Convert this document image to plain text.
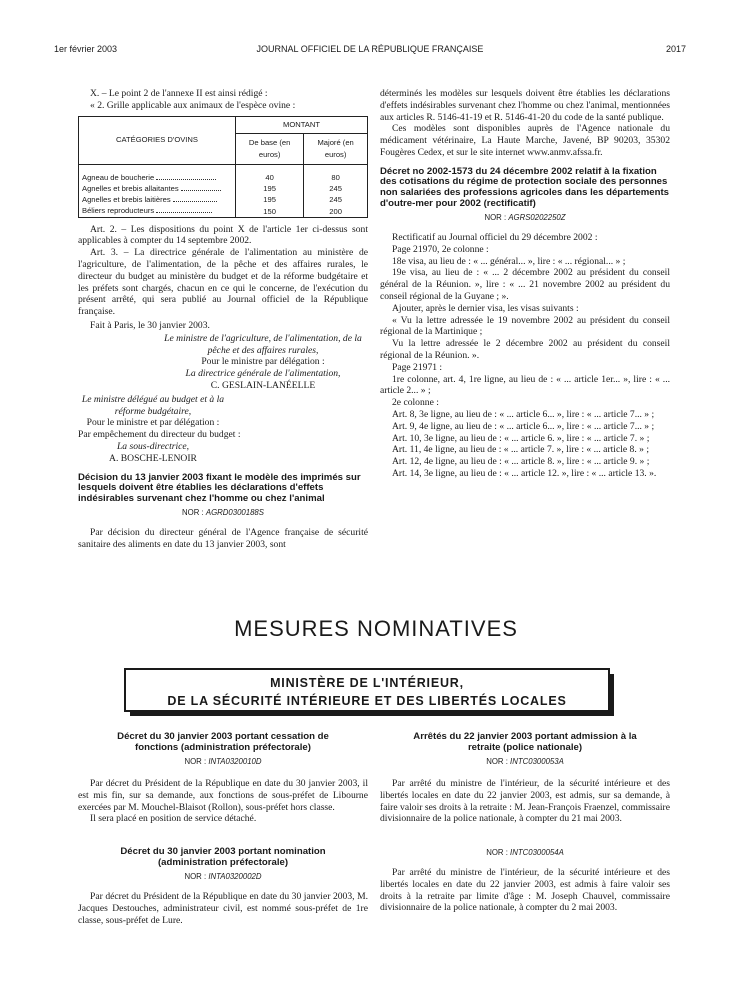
1er février 2003	JOURNAL OFFICIEL DE LA RÉPUBLIQUE FRANÇAISE	2017

X. – Le point 2 de l'annexe II est ainsi rédigé :

« 2. Grille applicable aux animaux de l'espèce ovine :

CATÉGORIES D'OVINS	MONTANT	
	De base (en euros)	Majoré (en euros)
Agneau de boucherie	40	80
Agnelles et brebis allaitantes	195	245
Agnelles et brebis laitières	195	245
Béliers reproducteurs	150	200

Art. 2. – Les dispositions du point X de l'article 1er ci-dessus sont applicables à compter du 14 septembre 2002.

Art. 3. – La directrice générale de l'alimentation au ministère de l'agriculture, de l'alimentation, de la pêche et des affaires rurales, le directeur du budget au ministère du budget et de la réforme budgétaire et les préfets sont chargés, chacun en ce qui le concerne, de l'exécution du présent arrêté, qui sera publié au Journal officiel de la République française.

Fait à Paris, le 30 janvier 2003.

Le ministre de l'agriculture, de l'alimentation, de la pêche et des affaires rurales,

Pour le ministre par délégation :

La directrice générale de l'alimentation,

C. GESLAIN-LANÉELLE

Le ministre délégué au budget et à la réforme budgétaire,

Pour le ministre et par délégation :

Par empêchement du directeur du budget :

La sous-directrice,

A. BOSCHE-LENOIR

Décision du 13 janvier 2003 fixant le modèle des imprimés sur lesquels doivent être établies les déclarations d'effets indésirables survenant chez l'homme ou chez l'animal

NOR : AGRD0300188S

Par décision du directeur général de l'Agence française de sécurité sanitaire des aliments en date du 13 janvier 2003, sont

déterminés les modèles sur lesquels doivent être établies les déclarations d'effets indésirables survenant chez l'homme ou chez l'animal, mentionnées aux articles R. 5146-41-19 et R. 5146-41-20 du code de la santé publique.

Ces modèles sont disponibles auprès de l'Agence nationale du médicament vétérinaire, La Haute Marche, Javené, BP 90203, 35302 Fougères Cedex, et sur le site internet www.anmv.afssa.fr.

Décret no 2002-1573 du 24 décembre 2002 relatif à la fixation des cotisations du régime de protection sociale des personnes non salariées des professions agricoles dans les départements d'outre-mer pour 2002 (rectificatif)

NOR : AGRS0202250Z

Rectificatif au Journal officiel du 29 décembre 2002 :

Page 21970, 2e colonne :

18e visa, au lieu de : « ... général... », lire : « ... régional... » ;

19e visa, au lieu de : « ... 2 décembre 2002 au président du conseil général de la Réunion. », lire : « ... 21 novembre 2002 au président du conseil régional de la Guyane ; ».

Ajouter, après le dernier visa, les visas suivants :

« Vu la lettre adressée le 19 novembre 2002 au président du conseil régional de la Martinique ;

Vu la lettre adressée le 2 décembre 2002 au président du conseil régional de la Réunion. ».

Page 21971 :

1re colonne, art. 4, 1re ligne, au lieu de : « ... article 1er... », lire : « ... article 2... » ;

2e colonne :

Art. 8, 3e ligne, au lieu de : « ... article 6... », lire : « ... article 7... » ;

Art. 9, 4e ligne, au lieu de : « ... article 6... », lire : « ... article 7... » ;

Art. 10, 3e ligne, au lieu de : « ... article 6. », lire : « ... article 7. » ;

Art. 11, 4e ligne, au lieu de : « ... article 7. », lire : « ... article 8. » ;

Art. 12, 4e ligne, au lieu de : « ... article 8. », lire : « ... article 9. » ;

Art. 14, 3e ligne, au lieu de : « ... article 12. », lire : « ... article 13. ».

MESURES NOMINATIVES
MINISTÈRE DE L'INTÉRIEUR,
DE LA SÉCURITÉ INTÉRIEURE ET DES LIBERTÉS LOCALES

Décret du 30 janvier 2003 portant cessation de fonctions (administration préfectorale)

NOR : INTA0320010D

Par décret du Président de la République en date du 30 janvier 2003, il est mis fin, sur sa demande, aux fonctions de sous-préfet de Libourne exercées par M. Mouchel-Blaisot (Rollon), sous-préfet hors classe.

Il sera placé en position de service détaché.

Décret du 30 janvier 2003 portant nomination (administration préfectorale)

NOR : INTA0320002D

Par décret du Président de la République en date du 30 janvier 2003, M. Jacques Destouches, administrateur civil, est nommé sous-préfet de 1re classe, sous-préfet de Lure.

Arrêtés du 22 janvier 2003 portant admission à la retraite (police nationale)

NOR : INTC0300053A

Par arrêté du ministre de l'intérieur, de la sécurité intérieure et des libertés locales en date du 22 janvier 2003, est admis, sur sa demande, à faire valoir ses droits à la retraite : M. Jean-François Fraenzel, commissaire divisionnaire de la police nationale, à compter du 21 mai 2003.

NOR : INTC0300054A

Par arrêté du ministre de l'intérieur, de la sécurité intérieure et des libertés locales en date du 22 janvier 2003, est admis à faire valoir ses droits à la retraite par limite d'âge : M. Joseph Chauvel, commissaire divisionnaire de la police nationale, à compter du 2 mai 2003.
